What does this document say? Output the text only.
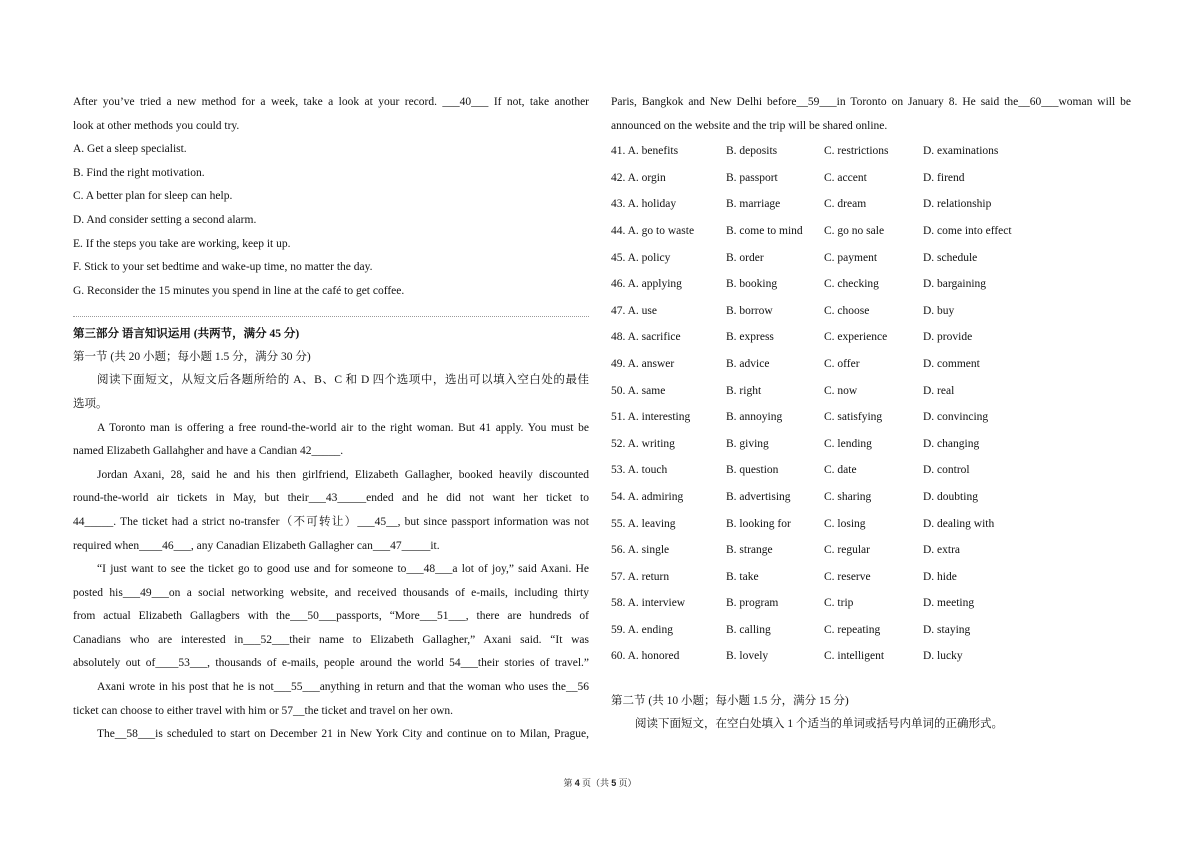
After you’ve tried a new method for a week, take a look at your record. ___40___ If not, take another
look at other methods you could try.
A. Get a sleep specialist.
B. Find the right motivation.
C. A better plan for sleep can help.
D. And consider setting a second alarm.
E. If the steps you take are working, keep it up.
F. Stick to your set bedtime and wake-up time, no matter the day.
G. Reconsider the 15 minutes you spend in line at the café to get coffee.
第三部分 语言知识运用 (共两节，满分 45 分)
第一节 (共 20 小题；每小题 1.5 分，满分 30 分)
阅读下面短文，从短文后各题所给的 A、B、C 和 D 四个选项中，选出可以填入空白处的最佳
选项。
A Toronto man is offering a free round-the-world air to the right woman. But 41 apply. You must be
named Elizabeth Gallahgher and have a Candian 42_____.
Jordan Axani, 28, said he and his then girlfriend, Elizabeth Gallagher, booked heavily discounted
round-the-world air tickets in May, but their___43_____ended and he did not want her ticket to
44_____. The ticket had a strict no-transfer（不可转让）___45__, but since passport information was not
required when____46___, any Canadian Elizabeth Gallagher can___47_____it.
“I just want to see the ticket go to good use and for someone to___48___a lot of joy,” said Axani. He
posted his___49___on a social networking website, and received thousands of e-mails, including thirty
from actual Elizabeth Gallagbers with the___50___passports, “More___51___, there are hundreds of
Canadians who are interested in___52___their name to Elizabeth Gallagher,” Axani said. “It was
absolutely out of____53___, thousands of e-mails, people around the world 54___their stories of travel.”
Axani wrote in his post that he is not___55___anything in return and that the woman who uses the__56
ticket can choose to either travel with him or 57__the ticket and travel on her own.
The__58___is scheduled to start on December 21 in New York City and continue on to Milan, Prague,
Paris, Bangkok and New Delhi before__59___in Toronto on January 8. He said the__60___woman will be
announced on the website and the trip will be shared online.
41. A. benefits	B. deposits	C. restrictions	D. examinations
42. A. orgin	B. passport	C. accent	D. firend
43. A. holiday	B. marriage	C. dream	D. relationship
44. A. go to waste	B. come to mind C. go no sale	D. come into effect
45. A. policy	B. order	C. payment	D. schedule
46. A. applying	B. booking	C. checking	D. bargaining
47. A. use	B. borrow	C. choose	D. buy
48. A. sacrifice	B. express	C. experience	D. provide
49. A. answer	B. advice	C. offer	D. comment
50. A. same	B. right	C. now	D. real
51. A. interesting	B. annoying	C. satisfying	D. convincing
52. A. writing	B. giving	C. lending	D. changing
53. A. touch	B. question	C. date	D. control
54. A. admiring	B. advertising	C. sharing	D. doubting
55. A. leaving	B. looking for	C. losing	D. dealing with
56. A. single	B. strange	C. regular	D. extra
57. A. return	B. take	C. reserve	D. hide
58. A. interview	B. program	C. trip	D. meeting
59. A. ending	B. calling	C. repeating	D. staying
60. A. honored	B. lovely	C. intelligent	D. lucky
第二节 (共 10 小题；每小题 1.5 分，满分 15 分)
阅读下面短文，在空白处填入 1 个适当的单词或括号内单词的正确形式。
第 4 页（共 5 页）
